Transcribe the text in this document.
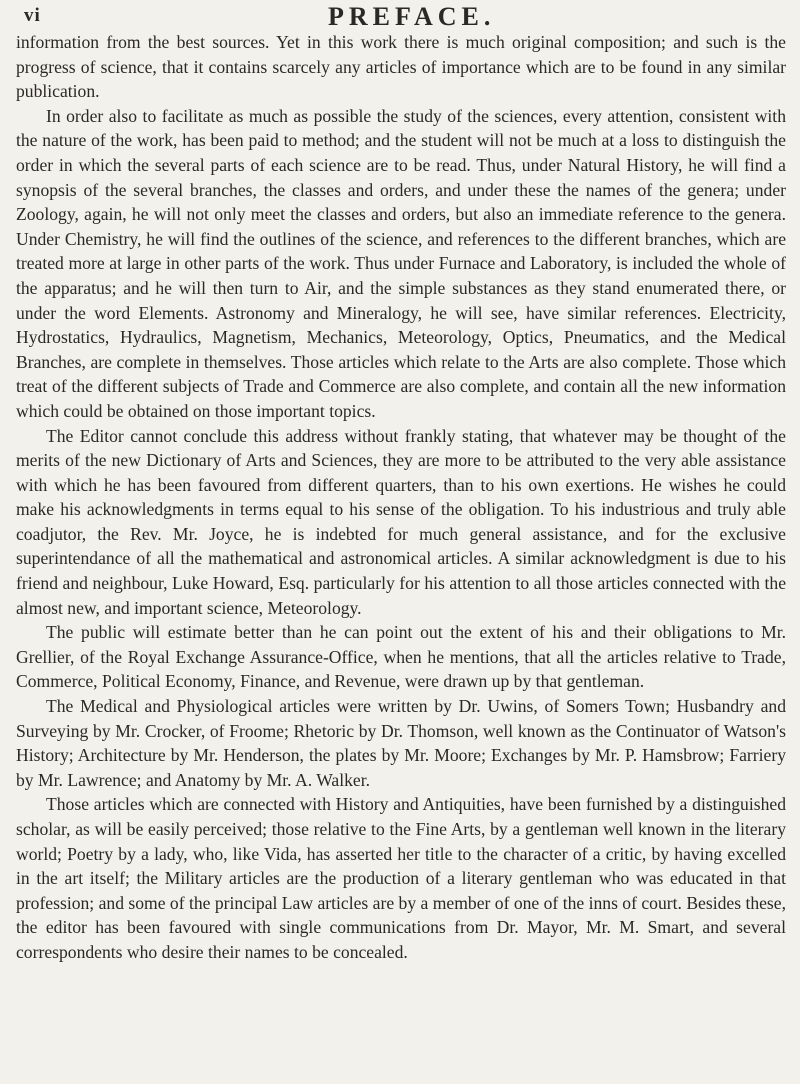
vi	PREFACE.

information from the best sources. Yet in this work there is much original composition; and such is the progress of science, that it contains scarcely any articles of importance which are to be found in any similar publication.

In order also to facilitate as much as possible the study of the sciences, every attention, consistent with the nature of the work, has been paid to method; and the student will not be much at a loss to distinguish the order in which the several parts of each science are to be read. Thus, under Natural History, he will find a synopsis of the several branches, the classes and orders, and under these the names of the genera; under Zoology, again, he will not only meet the classes and orders, but also an immediate reference to the genera. Under Chemistry, he will find the outlines of the science, and references to the different branches, which are treated more at large in other parts of the work. Thus under Furnace and Laboratory, is included the whole of the apparatus; and he will then turn to Air, and the simple substances as they stand enumerated there, or under the word Elements. Astronomy and Mineralogy, he will see, have similar references. Electricity, Hydrostatics, Hydraulics, Magnetism, Mechanics, Meteorology, Optics, Pneumatics, and the Medical Branches, are complete in themselves. Those articles which relate to the Arts are also complete. Those which treat of the different subjects of Trade and Commerce are also complete, and contain all the new information which could be obtained on those important topics.

The Editor cannot conclude this address without frankly stating, that whatever may be thought of the merits of the new Dictionary of Arts and Sciences, they are more to be attributed to the very able assistance with which he has been favoured from different quarters, than to his own exertions. He wishes he could make his acknowledgments in terms equal to his sense of the obligation. To his industrious and truly able coadjutor, the Rev. Mr. Joyce, he is indebted for much general assistance, and for the exclusive superintendance of all the mathematical and astronomical articles. A similar acknowledgment is due to his friend and neighbour, Luke Howard, Esq. particularly for his attention to all those articles connected with the almost new, and important science, Meteorology.

The public will estimate better than he can point out the extent of his and their obligations to Mr. Grellier, of the Royal Exchange Assurance-Office, when he mentions, that all the articles relative to Trade, Commerce, Political Economy, Finance, and Revenue, were drawn up by that gentleman.

The Medical and Physiological articles were written by Dr. Uwins, of Somers Town; Husbandry and Surveying by Mr. Crocker, of Froome; Rhetoric by Dr. Thomson, well known as the Continuator of Watson's History; Architecture by Mr. Henderson, the plates by Mr. Moore; Exchanges by Mr. P. Hamsbrow; Farriery by Mr. Lawrence; and Anatomy by Mr. A. Walker.

Those articles which are connected with History and Antiquities, have been furnished by a distinguished scholar, as will be easily perceived; those relative to the Fine Arts, by a gentleman well known in the literary world; Poetry by a lady, who, like Vida, has asserted her title to the character of a critic, by having excelled in the art itself; the Military articles are the production of a literary gentleman who was educated in that profession; and some of the principal Law articles are by a member of one of the inns of court. Besides these, the editor has been favoured with single communications from Dr. Mayor, Mr. M. Smart, and several correspondents who desire their names to be concealed.
